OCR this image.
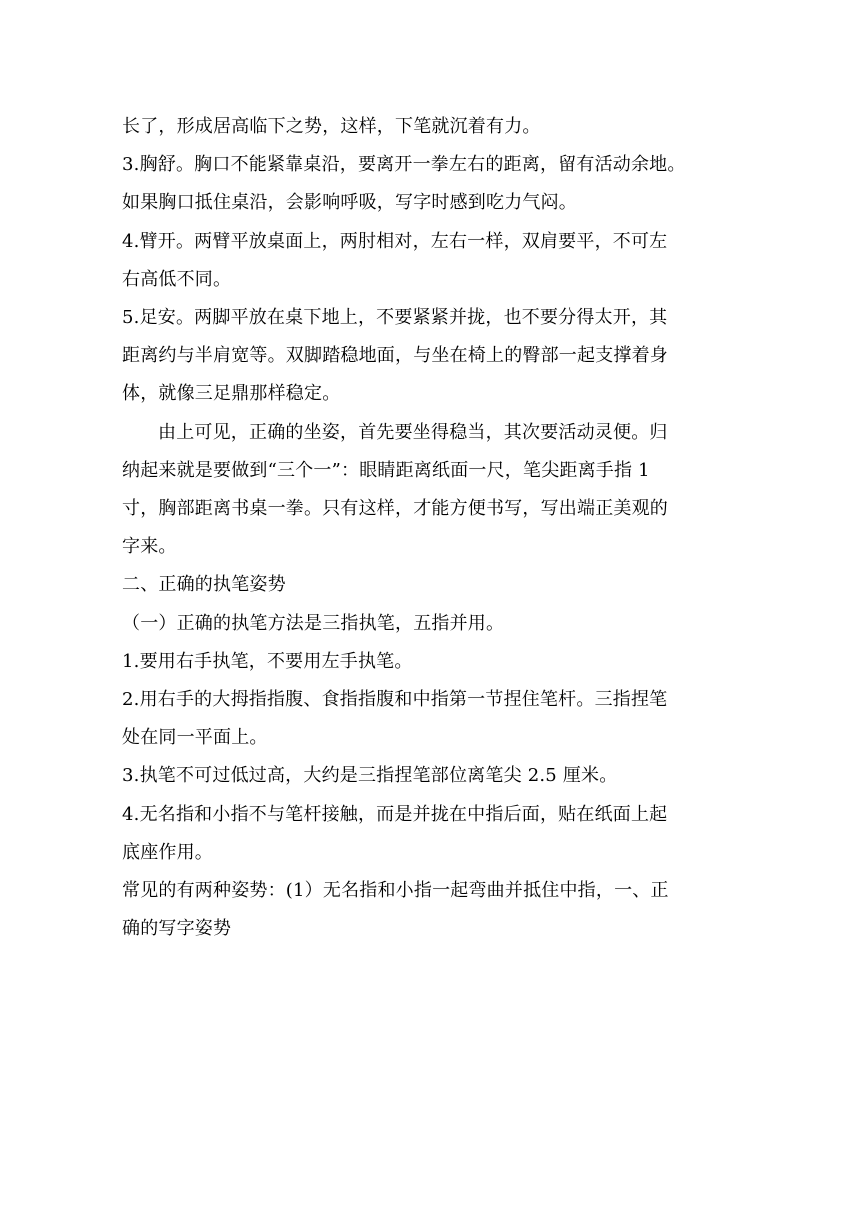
长了，形成居高临下之势，这样，下笔就沉着有力。

3.胸舒。胸口不能紧靠桌沿，要离开一拳左右的距离，留有活动余地。
如果胸口抵住桌沿，会影响呼吸，写字时感到吃力气闷。

4.臂开。两臂平放桌面上，两肘相对，左右一样，双肩要平，不可左
右高低不同。

5.足安。两脚平放在桌下地上，不要紧紧并拢，也不要分得太开，其
距离约与半肩宽等。双脚踏稳地面，与坐在椅上的臀部一起支撑着身
体，就像三足鼎那样稳定。

由上可见，正确的坐姿，首先要坐得稳当，其次要活动灵便。归
纳起来就是要做到“三个一”：眼睛距离纸面一尺，笔尖距离手指 1
寸，胸部距离书桌一拳。只有这样，才能方便书写，写出端正美观的
字来。

二、正确的执笔姿势

（一）正确的执笔方法是三指执笔，五指并用。

1.要用右手执笔，不要用左手执笔。

2.用右手的大拇指指腹、食指指腹和中指第一节捏住笔杆。三指捏笔
处在同一平面上。

3.执笔不可过低过高，大约是三指捏笔部位离笔尖 2.5 厘米。

4.无名指和小指不与笔杆接触，而是并拢在中指后面，贴在纸面上起
底座作用。

常见的有两种姿势：(1）无名指和小指一起弯曲并抵住中指，一、正
确的写字姿势
